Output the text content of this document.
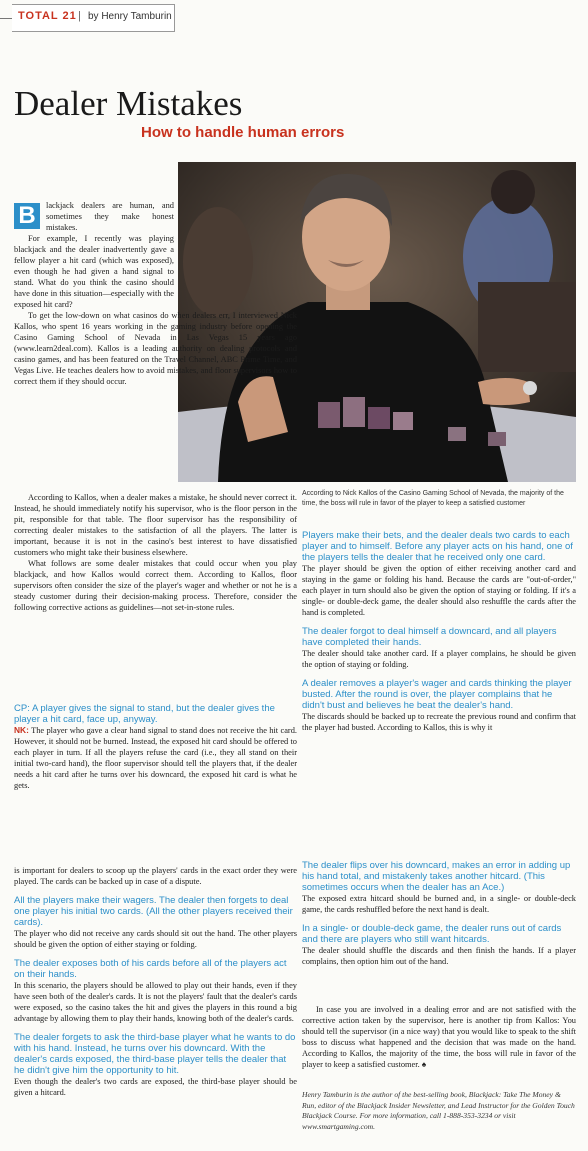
TOTAL 21 | by Henry Tamburin
Dealer Mistakes
How to handle human errors
According to Nick Kallos of the Casino Gaming School of Nevada, the majority of the time, the boss will rule in favor of the player to keep a satisfied customer
B	lackjack dealers are human, and sometimes they make honest mistakes.

For example, I recently was playing blackjack and the dealer inadvertently gave a fellow player a hit card (which was exposed), even though he had given a hand signal to stand. What do you think the casino should have done in this situation—especially with the exposed hit card?

To get the low-down on what casinos do when dealers err, I interviewed Nick Kallos, who spent 16 years working in the gaming industry before opening the Casino Gaming School of Nevada in Las Vegas 15 years ago (www.learn2deal.com). Kallos is a leading authority on dealing protocols and casino games, and has been featured on the Travel Channel, ABC Prime Time, and Vegas Live. He teaches dealers how to avoid mistakes, and floor supervisors how to correct them if they should occur.

According to Kallos, when a dealer makes a mistake, he should never correct it. Instead, he should immediately notify his supervisor, who is the floor person in the pit, responsible for that table. The floor supervisor has the responsibility of correcting dealer mistakes to the satisfaction of all the players. The latter is important, because it is not in the casino's best interest to have dissatisfied customers who might take their business elsewhere.

What follows are some dealer mistakes that could occur when you play blackjack, and how Kallos would correct them. According to Kallos, floor supervisors often consider the size of the player's wager and whether or not he is a steady customer during their decision-making process. Therefore, consider the following corrective actions as guidelines—not set-in-stone rules.

CP: A player gives the signal to stand, but the dealer gives the player a hit card, face up, anyway.

NK: The player who gave a clear hand signal to stand does not receive the hit card. However, it should not be burned. Instead, the exposed hit card should be offered to each player in turn. If all the players refuse the card (i.e., they all stand on their initial two-card hand), the floor supervisor should tell the players that, if the dealer needs a hit card after he turns over his downcard, the exposed hit card is what he gets.

Players make their bets, and the dealer deals two cards to each player and to himself. Before any player acts on his hand, one of the players tells the dealer that he received only one card.

The player should be given the option of either receiving another card and staying in the game or folding his hand. Because the cards are "out-of-order," each player in turn should also be given the option of staying or folding. If it's a single- or double-deck game, the dealer should also reshuffle the cards after the hand is completed.

The dealer forgot to deal himself a downcard, and all players have completed their hands.

The dealer should take another card. If a player complains, he should be given the option of staying or folding.

A dealer removes a player's wager and cards thinking the player busted. After the round is over, the player complains that he didn't bust and believes he beat the dealer's hand.

The discards should be backed up to recreate the previous round and confirm that the player had busted. According to Kallos, this is why it

is important for dealers to scoop up the players' cards in the exact order they were played. The cards can be backed up in case of a dispute.

All the players make their wagers. The dealer then forgets to deal one player his initial two cards. (All the other players received their cards).

The player who did not receive any cards should sit out the hand. The other players should be given the option of either staying or folding.

The dealer exposes both of his cards before all of the players act on their hands.

In this scenario, the players should be allowed to play out their hands, even if they have seen both of the dealer's cards. It is not the players' fault that the dealer's cards were exposed, so the casino takes the hit and gives the players in this round a big advantage by allowing them to play their hands, knowing both of the dealer's cards.

The dealer forgets to ask the third-base player what he wants to do with his hand. Instead, he turns over his downcard. With the dealer's cards exposed, the third-base player tells the dealer that he didn't give him the opportunity to hit.

Even though the dealer's two cards are exposed, the third-base player should be given a hitcard.

The dealer flips over his downcard, makes an error in adding up his hand total, and mistakenly takes another hitcard. (This sometimes occurs when the dealer has an Ace.)

The exposed extra hitcard should be burned and, in a single- or double-deck game, the cards reshuffled before the next hand is dealt.

In a single- or double-deck game, the dealer runs out of cards and there are players who still want hitcards.

The dealer should shuffle the discards and then finish the hands. If a player complains, then option him out of the hand.

In case you are involved in a dealing error and are not satisfied with the corrective action taken by the supervisor, here is another tip from Kallos: You should tell the supervisor (in a nice way) that you would like to speak to the shift boss to discuss what happened and the decision that was made on the hand. According to Kallos, the majority of the time, the boss will rule in favor of the player to keep a satisfied customer. ♠

Henry Tamburin is the author of the best-selling book, Blackjack: Take The Money & Run, editor of the Blackjack Insider Newsletter, and Lead Instructor for the Golden Touch Blackjack Course. For more information, call 1-888-353-3234 or visit www.smartgaming.com.
